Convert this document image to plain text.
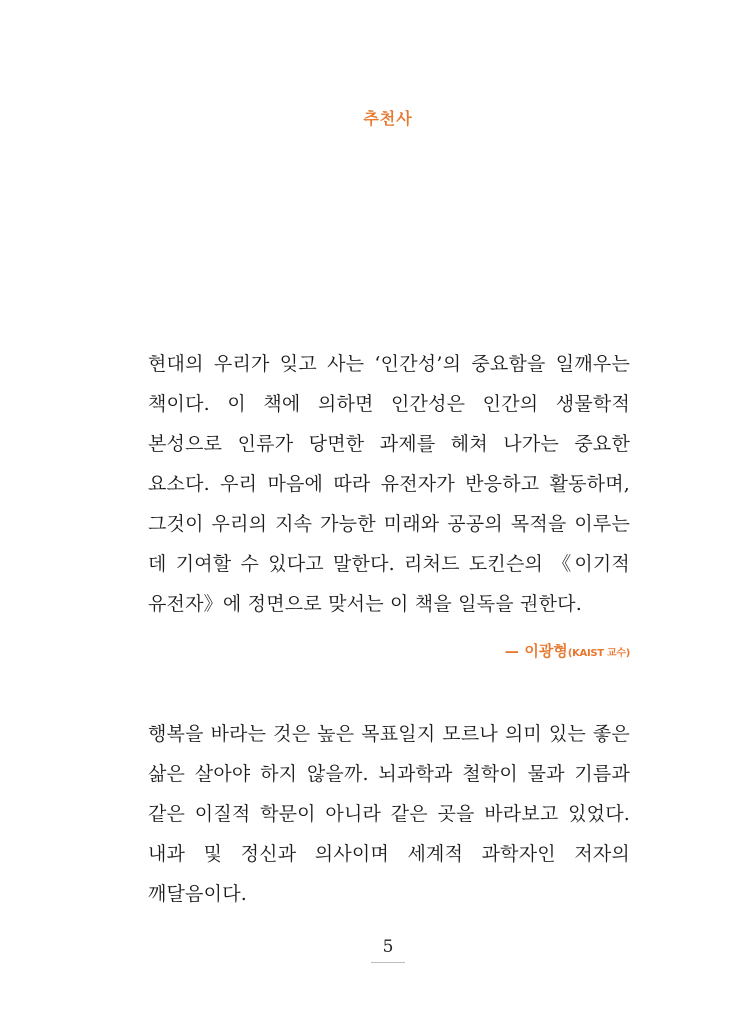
추천사
현대의 우리가 잊고 사는 ‘인간성’의 중요함을 일깨우는 책이다. 이 책에 의하면 인간성은 인간의 생물학적 본성으로 인류가 당면한 과제를 헤쳐 나가는 중요한 요소다. 우리 마음에 따라 유전자가 반응하고 활동하며, 그것이 우리의 지속 가능한 미래와 공공의 목적을 이루는 데 기여할 수 있다고 말한다. 리처드 도킨슨의 《이기적 유전자》에 정면으로 맞서는 이 책을 일독을 권한다.
— 이광형(KAIST 교수)
행복을 바라는 것은 높은 목표일지 모르나 의미 있는 좋은 삶은 살아야 하지 않을까. 뇌과학과 철학이 물과 기름과 같은 이질적 학문이 아니라 같은 곳을 바라보고 있었다. 내과 및 정신과 의사이며 세계적 과학자인 저자의 깨달음이다.
5
